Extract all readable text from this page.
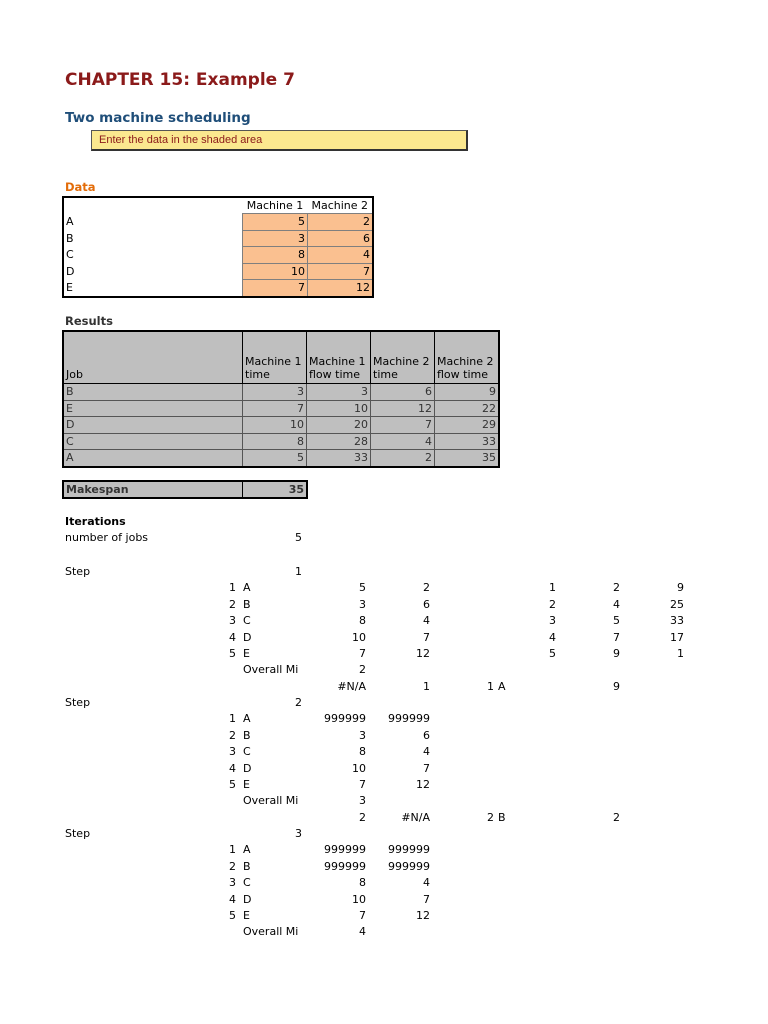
CHAPTER 15: Example 7
Two machine scheduling
Enter the data in the shaded area
Data
	Machine 1	Machine 2
A	5	2
B	3	6
C	8	4
D	10	7
E	7	12
Results
Job	Machine 1 time	Machine 1 flow time	Machine 2 time	Machine 2 flow time
B	3	3	6	9
E	7	10	12	22
D	10	20	7	29
C	8	28	4	33
A	5	33	2	35
Makespan	35
Iterations
number of jobs	5
Step	1
1 A	5	2	1	2	9
2 B	3	6	2	4	25
3 C	8	4	3	5	33
4 D	10	7	4	7	17
5 E	7	12	5	9	1
Overall Mi	2
#N/A	1	1 A	9
Step	2
1 A	999999	999999
2 B	3	6
3 C	8	4
4 D	10	7
5 E	7	12
Overall Mi	3
2	#N/A	2 B	2
Step	3
1 A	999999	999999
2 B	999999	999999
3 C	8	4
4 D	10	7
5 E	7	12
Overall Mi	4
